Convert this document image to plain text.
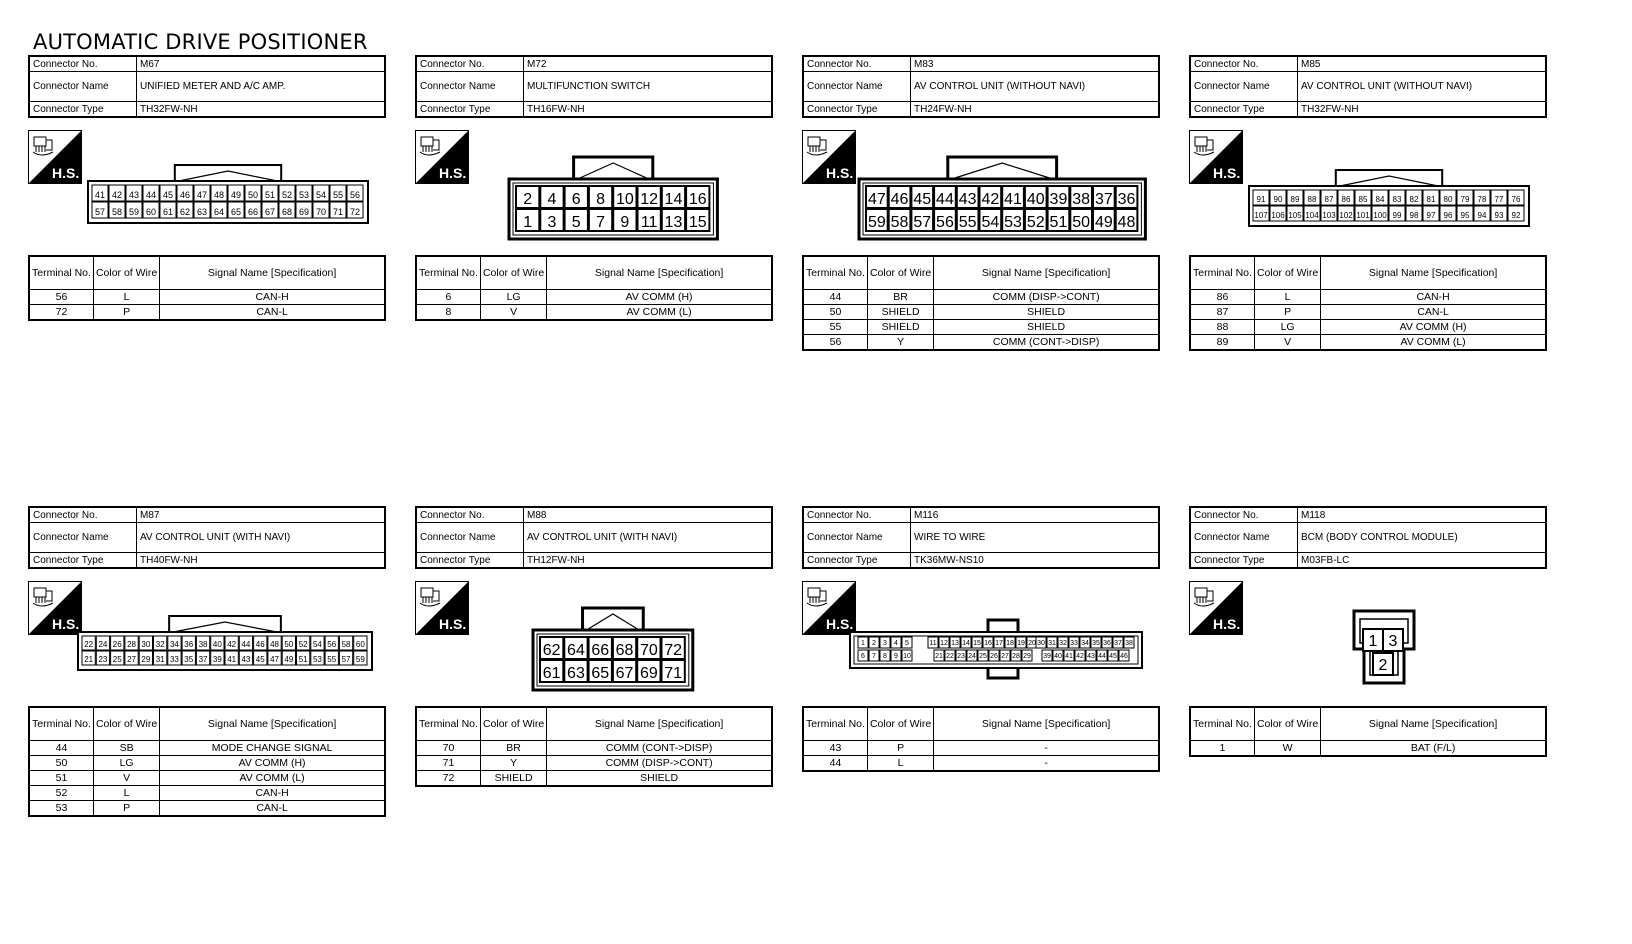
AUTOMATIC DRIVE POSITIONER
Connector No.	M67
Connector Name	UNIFIED METER AND A/C AMP.
Connector Type	TH32FW-NH
H.S.
41 42 43 44 45 46 47 48 49 50 51 52 53 54 55 56
57 58 59 60 61 62 63 64 65 66 67 68 69 70 71 72
Terminal No.	Color of Wire	Signal Name [Specification]
56	L	CAN-H
72	P	CAN-L
Connector No.	M72
Connector Name	MULTIFUNCTION SWITCH
Connector Type	TH16FW-NH
H.S.
2 4 6 8 10 12 14 16
1 3 5 7 9 11 13 15
Terminal No.	Color of Wire	Signal Name [Specification]
6	LG	AV COMM (H)
8	V	AV COMM (L)
Connector No.	M83
Connector Name	AV CONTROL UNIT (WITHOUT NAVI)
Connector Type	TH24FW-NH
H.S.
47 46 45 44 43 42 41 40 39 38 37 36
59 58 57 56 55 54 53 52 51 50 49 48
Terminal No.	Color of Wire	Signal Name [Specification]
44	BR	COMM (DISP->CONT)
50	SHIELD	SHIELD
55	SHIELD	SHIELD
56	Y	COMM (CONT->DISP)
Connector No.	M85
Connector Name	AV CONTROL UNIT (WITHOUT NAVI)
Connector Type	TH32FW-NH
H.S.
91 90 89 88 87 86 85 84 83 82 81 80 79 78 77 76
107 106 105 104 103 102 101 100 99 98 97 96 95 94 93 92
Terminal No.	Color of Wire	Signal Name [Specification]
86	L	CAN-H
87	P	CAN-L
88	LG	AV COMM (H)
89	V	AV COMM (L)
Connector No.	M87
Connector Name	AV CONTROL UNIT (WITH NAVI)
Connector Type	TH40FW-NH
H.S.
22 24 26 28 30 32 34 36 38 40 42 44 46 48 50 52 54 56 58 60
21 23 25 27 29 31 33 35 37 39 41 43 45 47 49 51 53 55 57 59
Terminal No.	Color of Wire	Signal Name [Specification]
44	SB	MODE CHANGE SIGNAL
50	LG	AV COMM (H)
51	V	AV COMM (L)
52	L	CAN-H
53	P	CAN-L
Connector No.	M88
Connector Name	AV CONTROL UNIT (WITH NAVI)
Connector Type	TH12FW-NH
H.S.
62 64 66 68 70 72
61 63 65 67 69 71
Terminal No.	Color of Wire	Signal Name [Specification]
70	BR	COMM (CONT->DISP)
71	Y	COMM (DISP->CONT)
72	SHIELD	SHIELD
Connector No.	M116
Connector Name	WIRE TO WIRE
Connector Type	TK36MW-NS10
H.S.
1 2 3 4 5	11 12 13 14 15 16 17 18 19 20 30 31 32 33 34 35 36 37 38
6 7 8 9 10	21 22 23 24 25 26 27 28 29 39 40 41 42 43 44 45 46
Terminal No.	Color of Wire	Signal Name [Specification]
43	P	-
44	L	-
Connector No.	M118
Connector Name	BCM (BODY CONTROL MODULE)
Connector Type	M03FB-LC
H.S.
1 3
2
Terminal No.	Color of Wire	Signal Name [Specification]
1	W	BAT (F/L)
